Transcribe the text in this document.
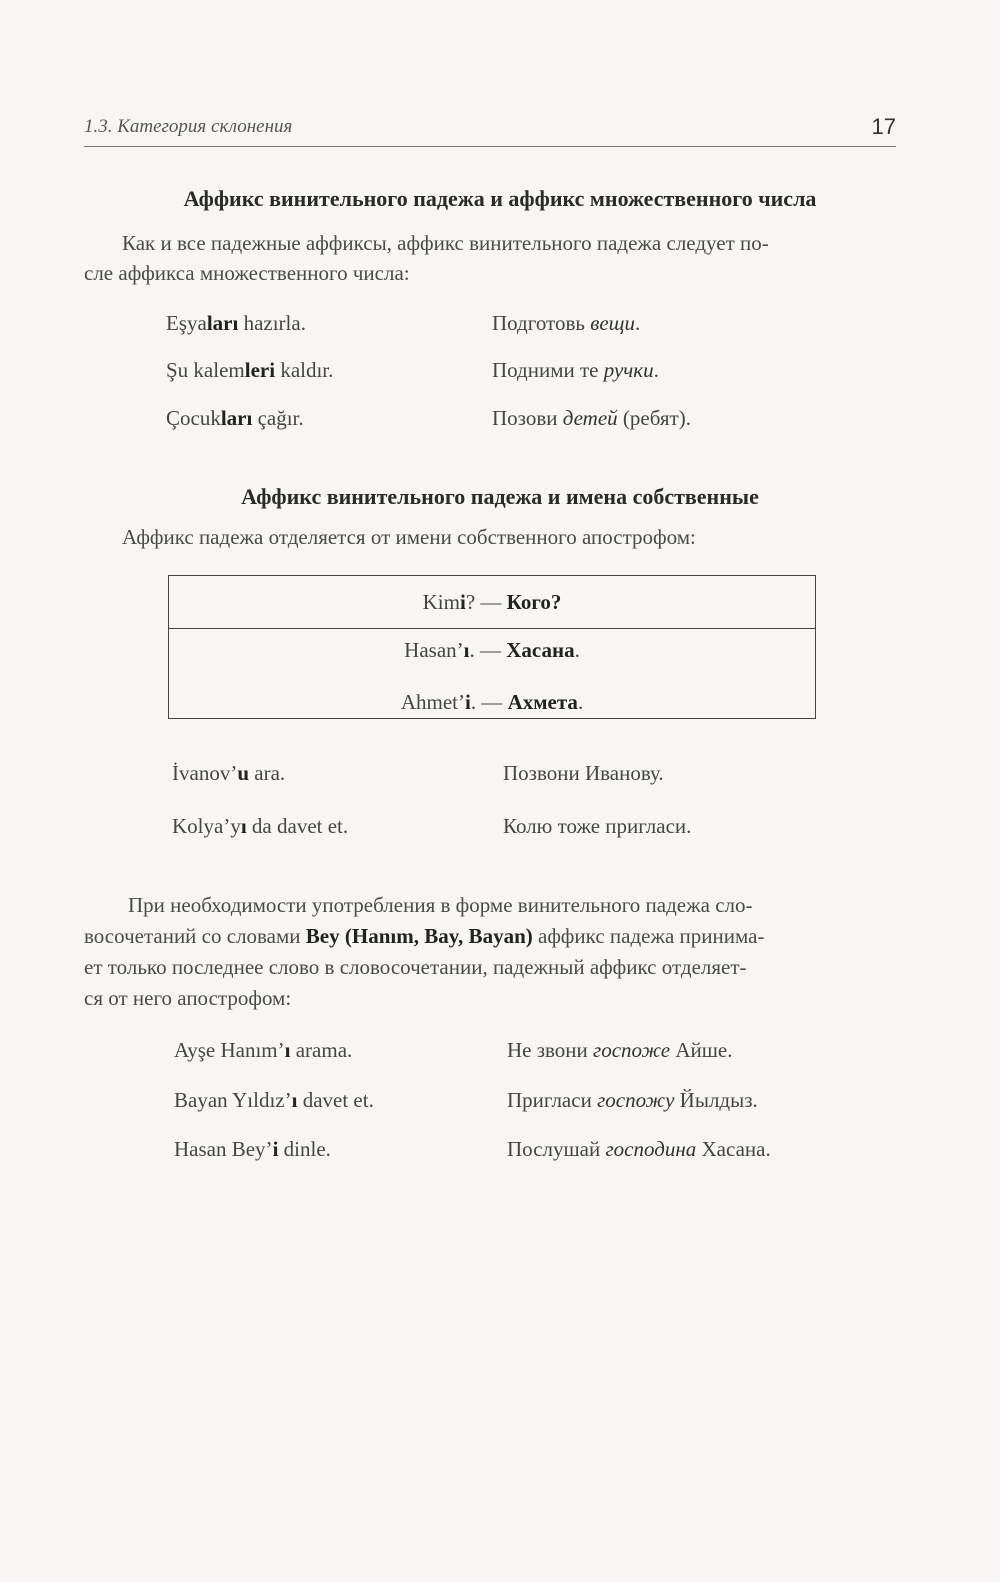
1.3. Категория склонения	17
Аффикс винительного падежа и аффикс множественного числа
Как и все падежные аффиксы, аффикс винительного падежа следует по-
сле аффикса множественного числа:
Eşyaları hazırla.	Подготовь вещи.
Şu kalemleri kaldır.	Подними те ручки.
Çocukları çağır.	Позови детей (ребят).
Аффикс винительного падежа и имена собственные
Аффикс падежа отделяется от имени собственного апострофом:
Kimi? — Кого?
Hasan’ı. — Хасана.
Ahmet’i. — Ахмета.
İvanov’u ara.	Позвони Иванову.
Kolya’yı da davet et.	Колю тоже пригласи.
При необходимости употребления в форме винительного падежа сло-
восочетаний со словами Bey (Hanım, Bay, Bayan) аффикс падежа принима-
ет только последнее слово в словосочетании, падежный аффикс отделяет-
ся от него апострофом:
Ayşe Hanım’ı arama.	Не звони госпоже Айше.
Bayan Yıldız’ı davet et.	Пригласи госпожу Йылдыз.
Hasan Bey’i dinle.	Послушай господина Хасана.
